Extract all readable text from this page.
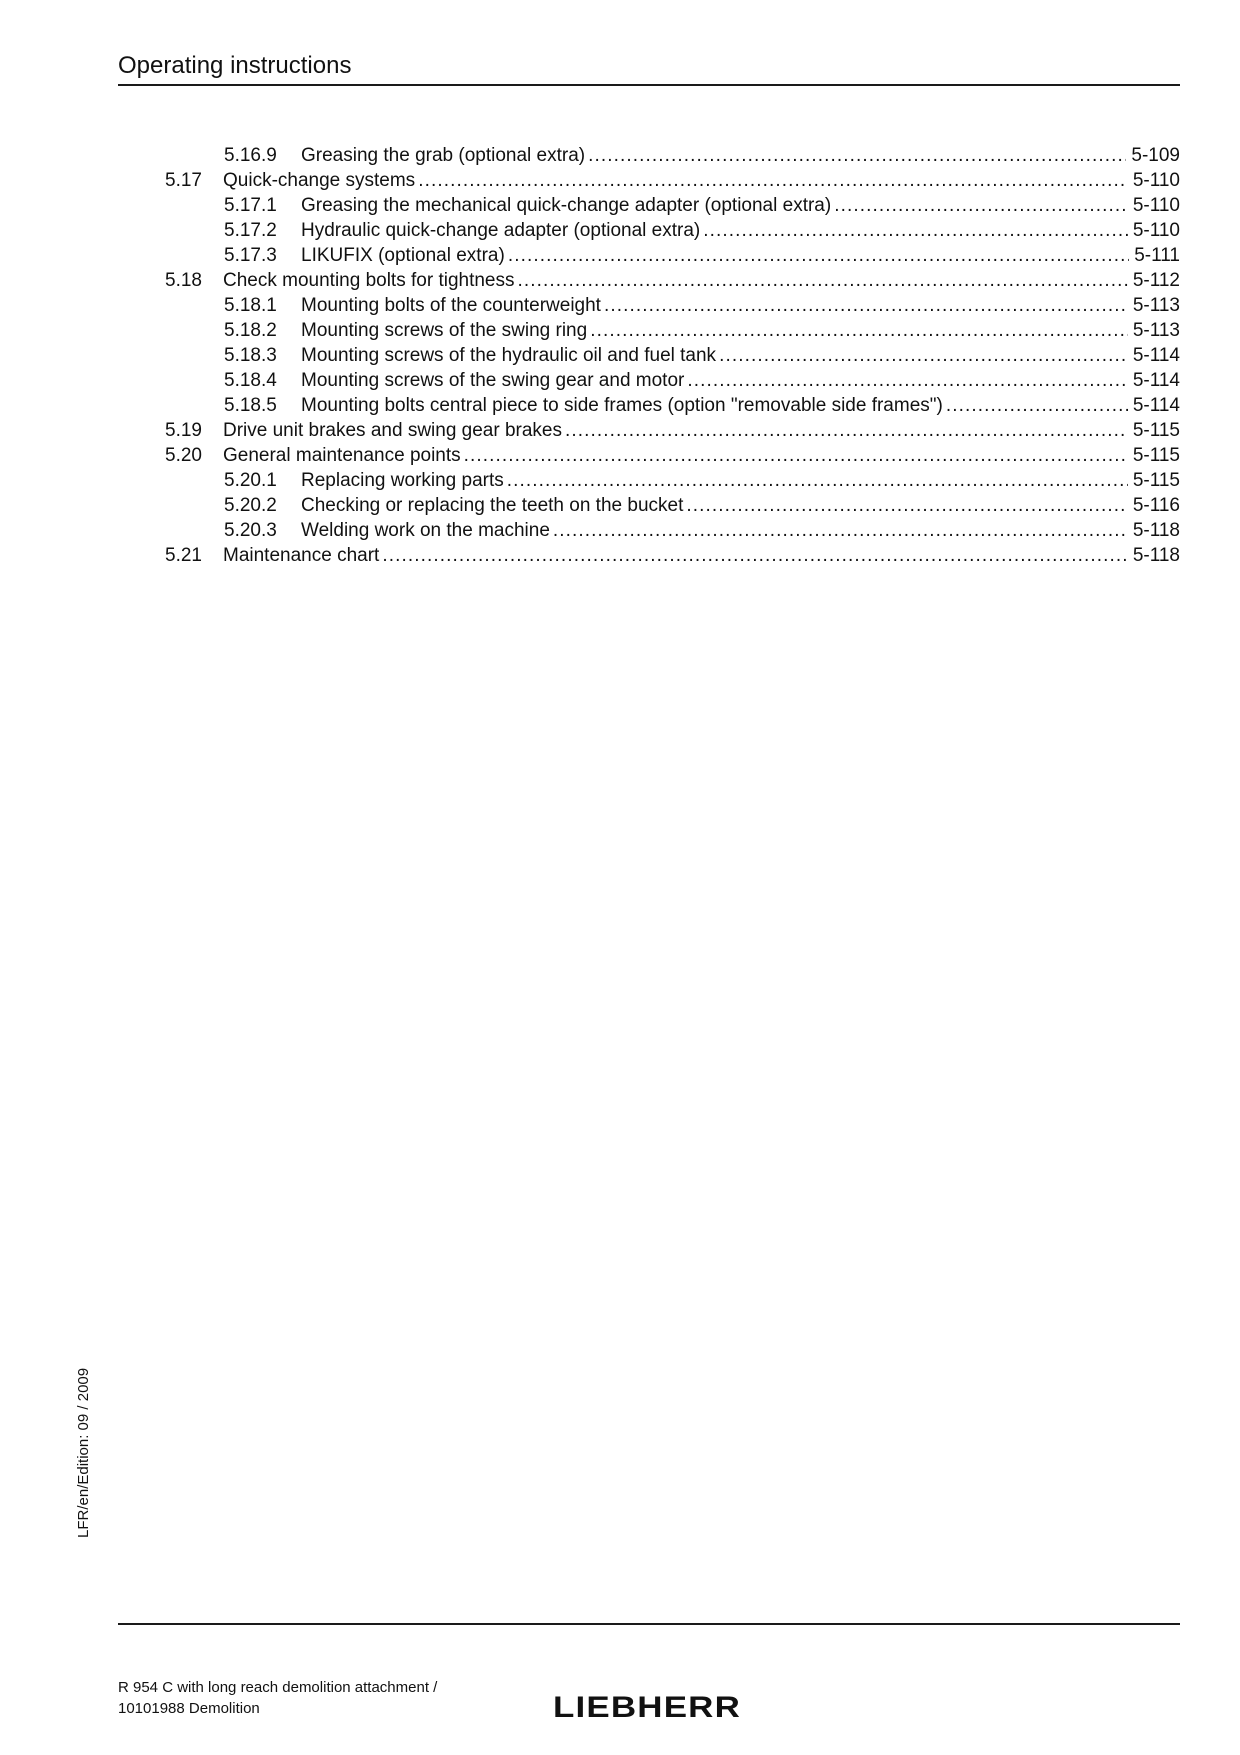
Operating instructions
5.16.9	Greasing the grab (optional extra) .....	5-109
5.17	Quick-change systems .....	5-110
5.17.1	Greasing the mechanical quick-change adapter (optional extra) .....	5-110
5.17.2	Hydraulic quick-change adapter (optional extra) .....	5-110
5.17.3	LIKUFIX (optional extra) .....	5-111
5.18	Check mounting bolts for tightness .....	5-112
5.18.1	Mounting bolts of the counterweight .....	5-113
5.18.2	Mounting screws of the swing ring .....	5-113
5.18.3	Mounting screws of the hydraulic oil and fuel tank .....	5-114
5.18.4	Mounting screws of the swing gear and motor .....	5-114
5.18.5	Mounting bolts central piece to side frames (option "removable side frames") .....	5-114
5.19	Drive unit brakes and swing gear brakes .....	5-115
5.20	General maintenance points .....	5-115
5.20.1	Replacing working parts .....	5-115
5.20.2	Checking or replacing the teeth on the bucket .....	5-116
5.20.3	Welding work on the machine .....	5-118
5.21	Maintenance chart .....	5-118
LFR/en/Edition: 09 / 2009
R 954 C with long reach demolition attachment /
10101988 Demolition	LIEBHERR
